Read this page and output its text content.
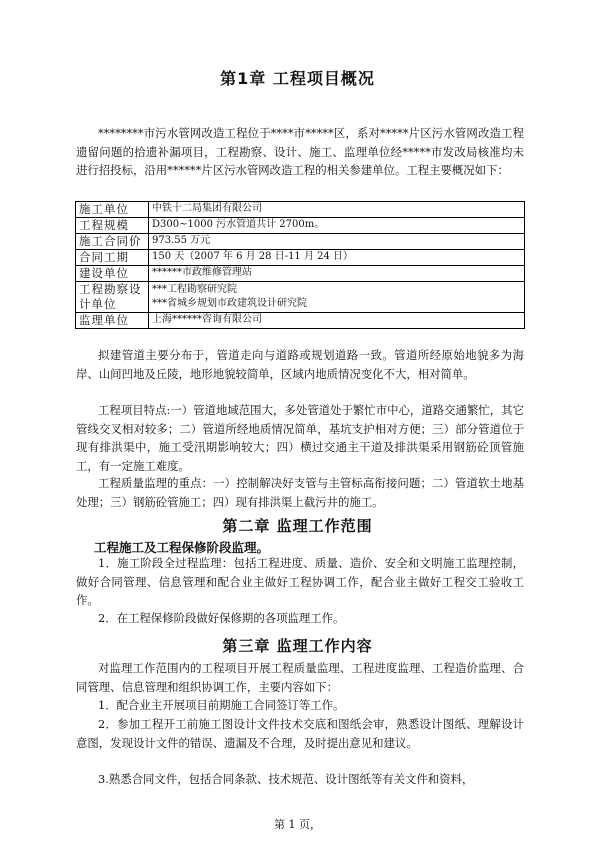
第1章 工程项目概况

********市污水管网改造工程位于****市*****区，系对*****片区污水管网改造工程遗留问题的拾遗补漏项目，工程勘察、设计、施工、监理单位经*****市发改局核准均未进行招投标，沿用******片区污水管网改造工程的相关参建单位。工程主要概况如下：

施工单位	中铁十二局集团有限公司
工程规模	D300~1000 污水管道共计 2700m。
施工合同价	973.55 万元
合同工期	150 天（2007 年 6 月 28 日-11 月 24 日）
建设单位	******市政维修管理站
工程勘察设计单位	***工程勘察研究院
***省城乡规划市政建筑设计研究院

监理单位	上海******咨询有限公司

拟建管道主要分布于，管道走向与道路或规划道路一致。管道所经原始地貌多为海岸、山间凹地及丘陵，地形地貌较简单，区域内地质情况变化不大，相对简单。

工程项目特点:一）管道地域范围大，多处管道处于繁忙市中心，道路交通繁忙，其它管线交叉相对较多；二）管道所经地质情况简单，基坑支护相对方便；三）部分管道位于现有排洪渠中，施工受汛期影响较大；四）横过交通主干道及排洪渠采用钢筋砼顶管施工，有一定施工难度。

工程质量监理的重点：一）控制解决好支管与主管标高衔接问题；二）管道软土地基处理；三）钢筋砼管施工；四）现有排洪渠上截污井的施工。

第二章 监理工作范围
工程施工及工程保修阶段监理。

1．施工阶段全过程监理：包括工程进度、质量、造价、安全和文明施工监理控制，做好合同管理、信息管理和配合业主做好工程协调工作，配合业主做好工程交工验收工作。

2．在工程保修阶段做好保修期的各项监理工作。

第三章 监理工作内容

对监理工作范围内的工程项目开展工程质量监理、工程进度监理、工程造价监理、合同管理、信息管理和组织协调工作，主要内容如下：

1．配合业主开展项目前期施工合同签订等工作。

2．参加工程开工前施工图设计文件技术交底和图纸会审，熟悉设计图纸、理解设计意图，发现设计文件的错误、遗漏及不合理，及时提出意见和建议。

3.熟悉合同文件，包括合同条款、技术规范、设计图纸等有关文件和资料，

第 1 页，
